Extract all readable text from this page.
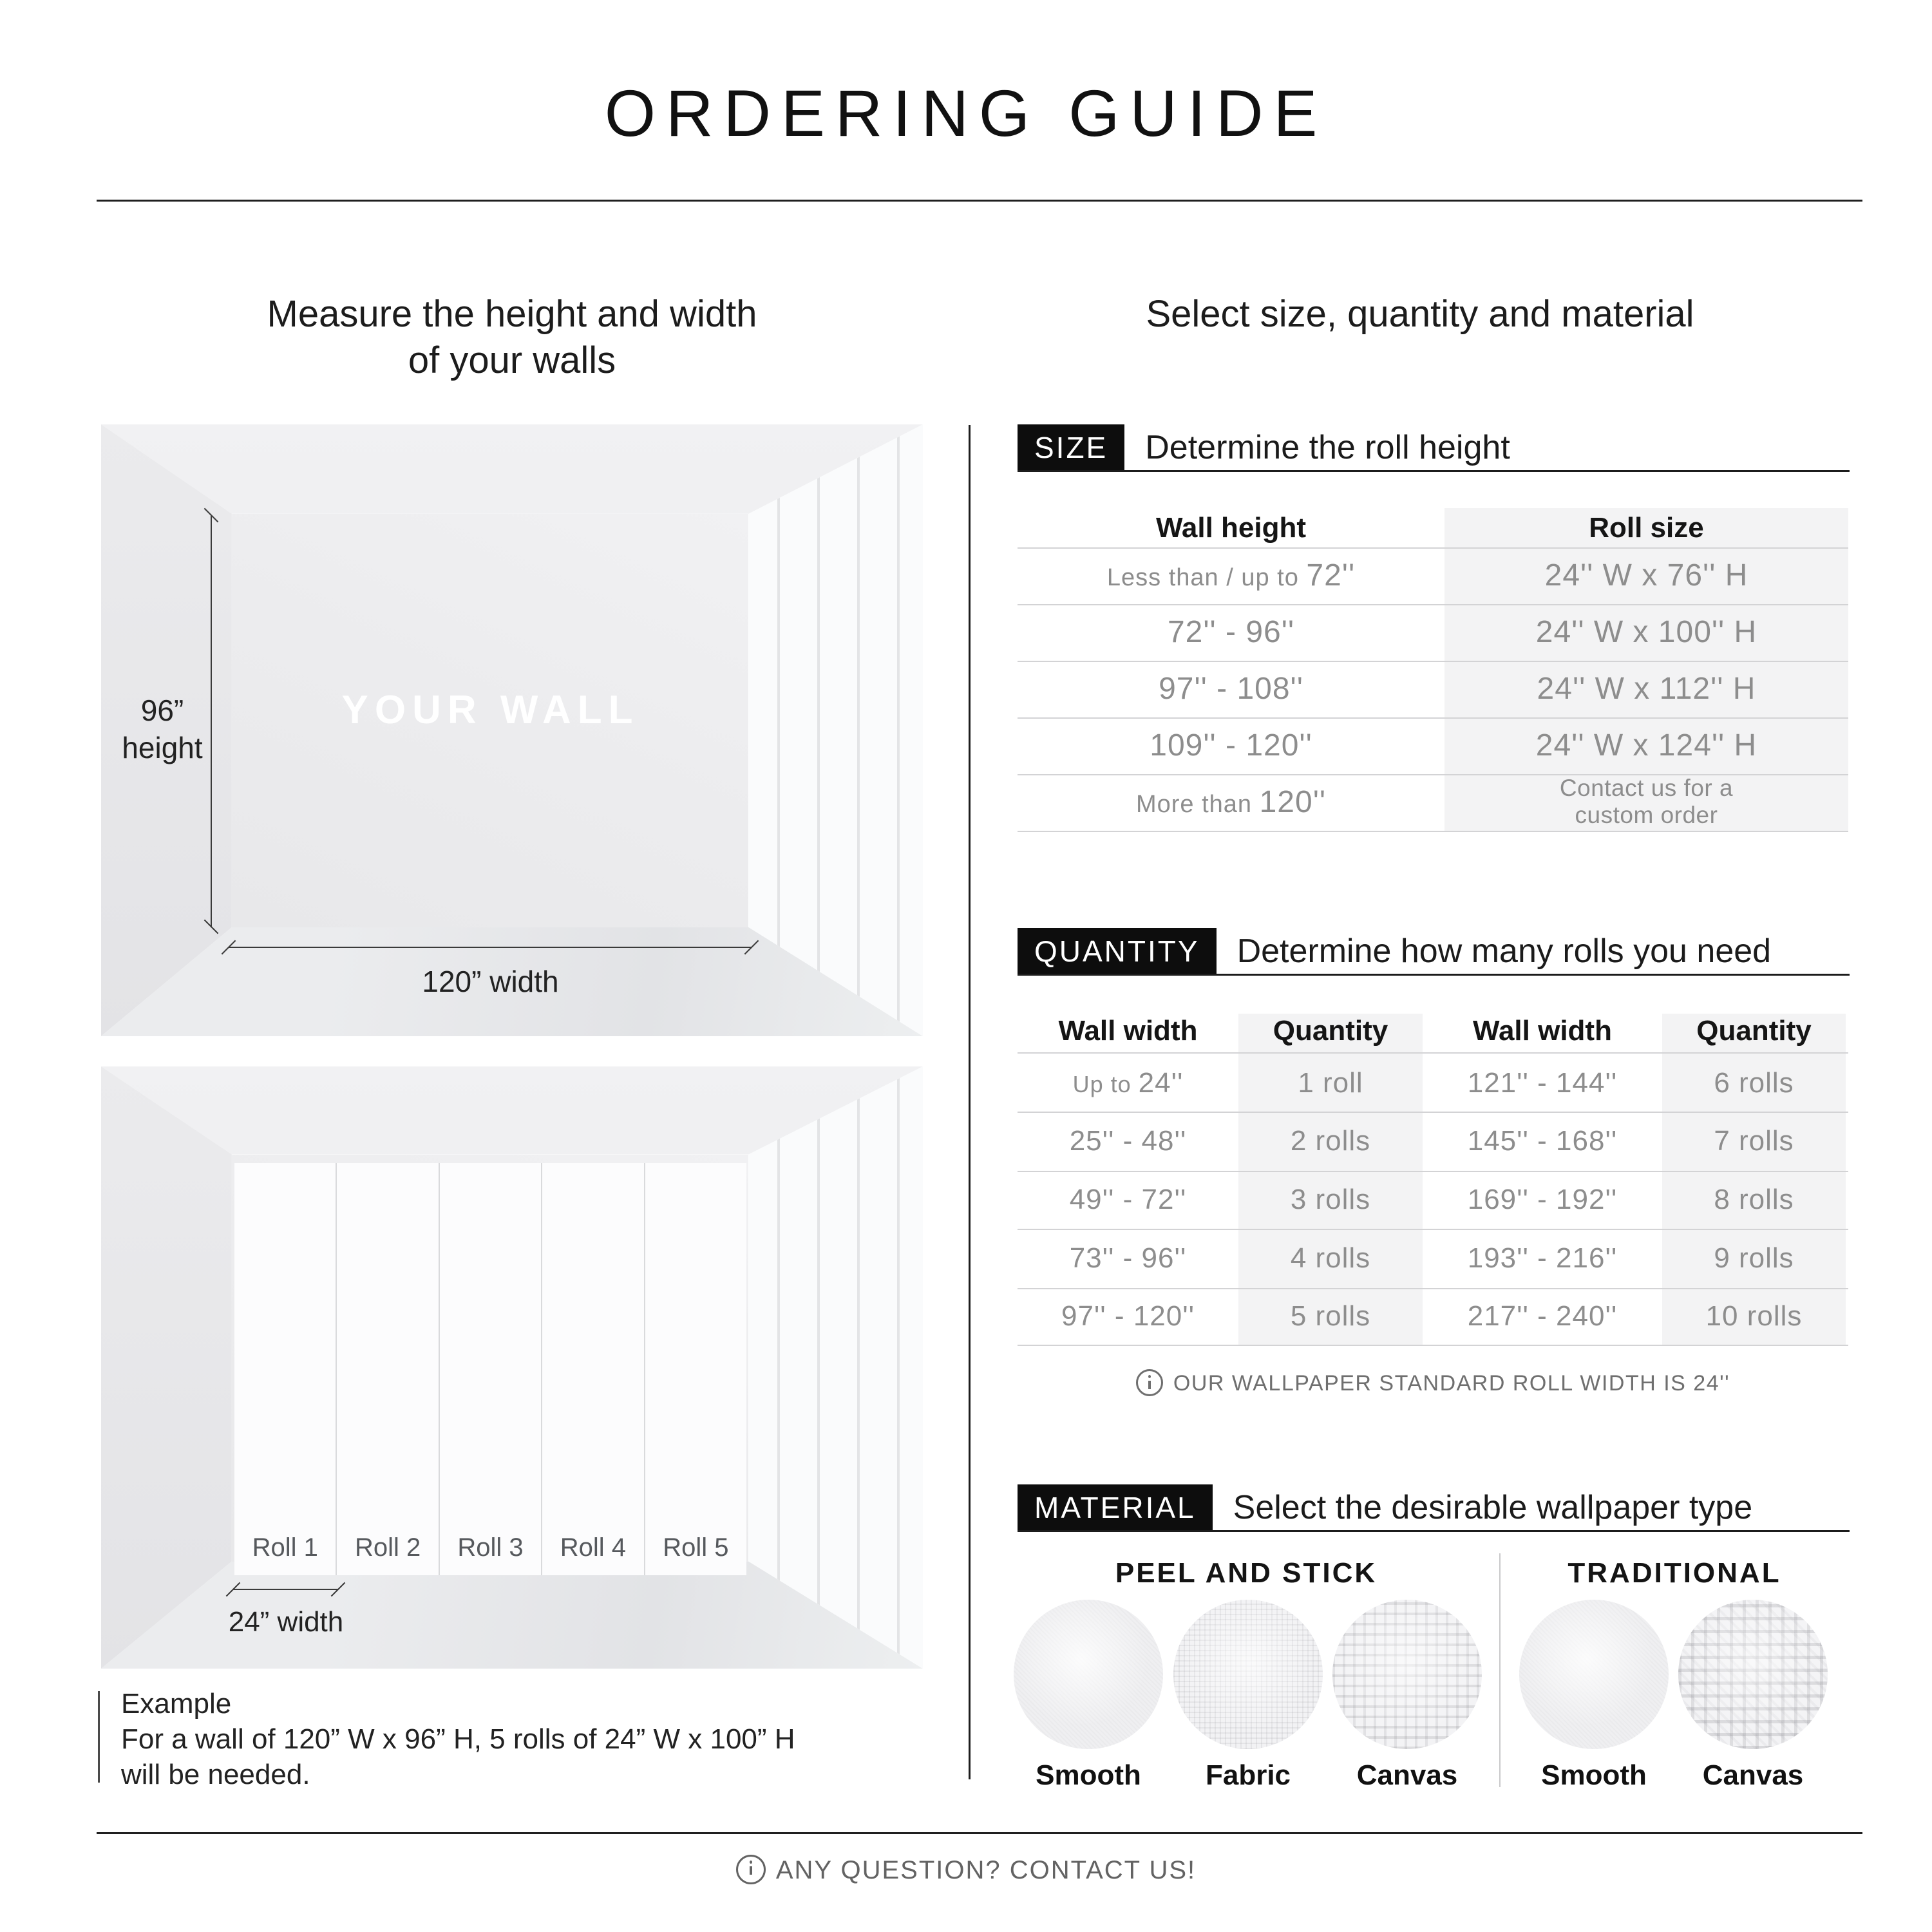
ORDERING GUIDE
Measure the height and width
of your walls
Select size, quantity and material
96”
height
YOUR WALL
120” width
Roll 1	Roll 2	Roll 3	Roll 4	Roll 5
24” width
Example
For a wall of 120” W x 96” H, 5 rolls of 24” W x 100” H
will be needed.
SIZE	Determine the roll height
Wall height	Roll size
Less than / up to 72''	24'' W x 76'' H
72'' - 96''	24'' W x 100'' H
97'' - 108''	24'' W x 112'' H
109'' - 120''	24'' W x 124'' H
More than 120''	Contact us for a
custom order
QUANTITY	Determine how many rolls you need
Wall width	Quantity	Wall width	Quantity
Up to 24''	1 roll	121'' - 144''	6 rolls
25'' - 48''	2 rolls	145'' - 168''	7 rolls
49'' - 72''	3 rolls	169'' - 192''	8 rolls
73'' - 96''	4 rolls	193'' - 216''	9 rolls
97'' - 120''	5 rolls	217'' - 240''	10 rolls
OUR WALLPAPER STANDARD ROLL WIDTH IS 24''
MATERIAL	Select the desirable wallpaper type
PEEL AND STICK	TRADITIONAL
Smooth	Fabric	Canvas	Smooth	Canvas
ANY QUESTION? CONTACT US!
